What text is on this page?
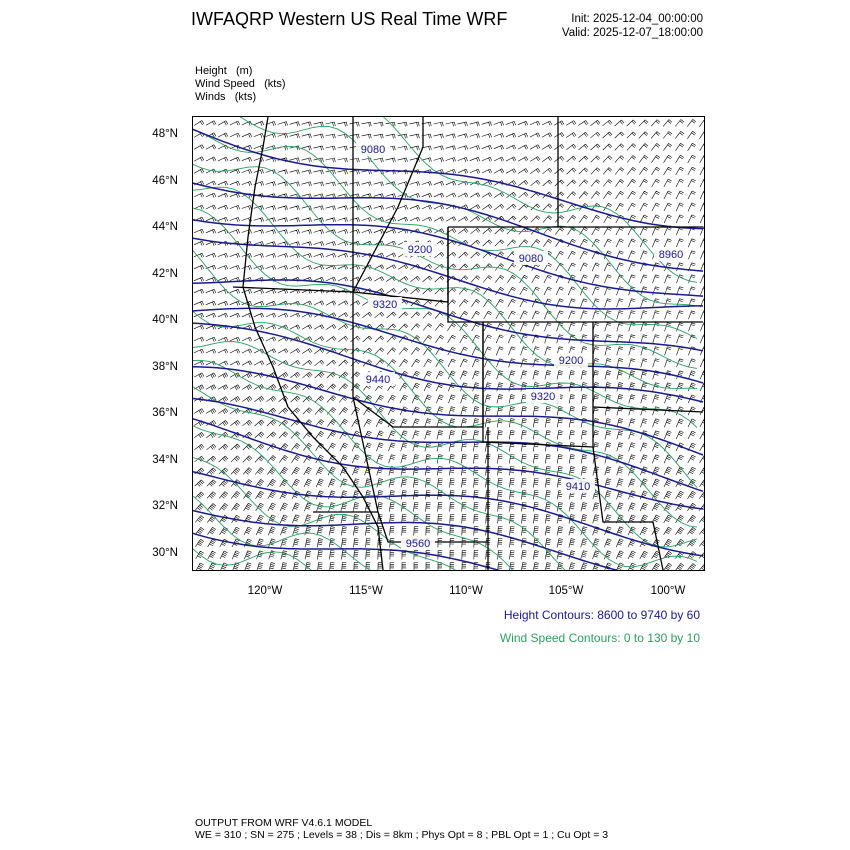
IWFAQRP Western US Real Time WRF	Init: 2025-12-04_00:00:00
Valid: 2025-12-07_18:00:00
Height (m)
Wind Speed (kts)
Winds (kts)
9080
9200
9080	8960
9320
9200
9440
9320
9410
9560
48°N
46°N
44°N
42°N
40°N
38°N
36°N
34°N
32°N
30°N
120°W	115°W	110°W	105°W	100°W
Height Contours: 8600 to 9740 by 60
Wind Speed Contours: 0 to 130 by 10
OUTPUT FROM WRF V4.6.1 MODEL
WE = 310 ; SN = 275 ; Levels = 38 ; Dis = 8km ; Phys Opt = 8 ; PBL Opt = 1 ; Cu Opt = 3
